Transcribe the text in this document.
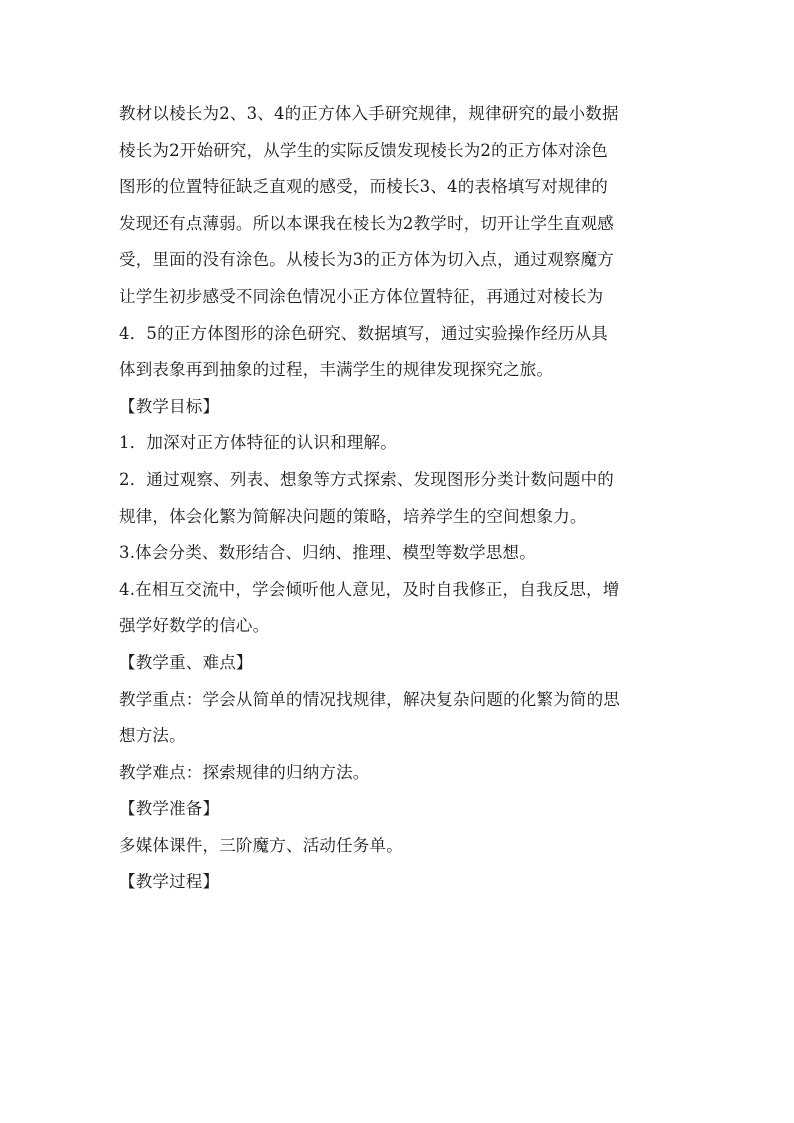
教材以棱长为2、3、4的正方体入手研究规律，规律研究的最小数据
棱长为2开始研究，从学生的实际反馈发现棱长为2的正方体对涂色
图形的位置特征缺乏直观的感受，而棱长3、4的表格填写对规律的
发现还有点薄弱。所以本课我在棱长为2教学时，切开让学生直观感
受，里面的没有涂色。从棱长为3的正方体为切入点，通过观察魔方
让学生初步感受不同涂色情况小正方体位置特征，再通过对棱长为
4．5的正方体图形的涂色研究、数据填写，通过实验操作经历从具
体到表象再到抽象的过程，丰满学生的规律发现探究之旅。

【教学目标】

1．加深对正方体特征的认识和理解。

2．通过观察、列表、想象等方式探索、发现图形分类计数问题中的
规律，体会化繁为简解决问题的策略，培养学生的空间想象力。

3.体会分类、数形结合、归纳、推理、模型等数学思想。

4.在相互交流中，学会倾听他人意见，及时自我修正，自我反思，增
强学好数学的信心。

【教学重、难点】

教学重点：学会从简单的情况找规律，解决复杂问题的化繁为简的思
想方法。

教学难点：探索规律的归纳方法。

【教学准备】

多媒体课件，三阶魔方、活动任务单。

【教学过程】
